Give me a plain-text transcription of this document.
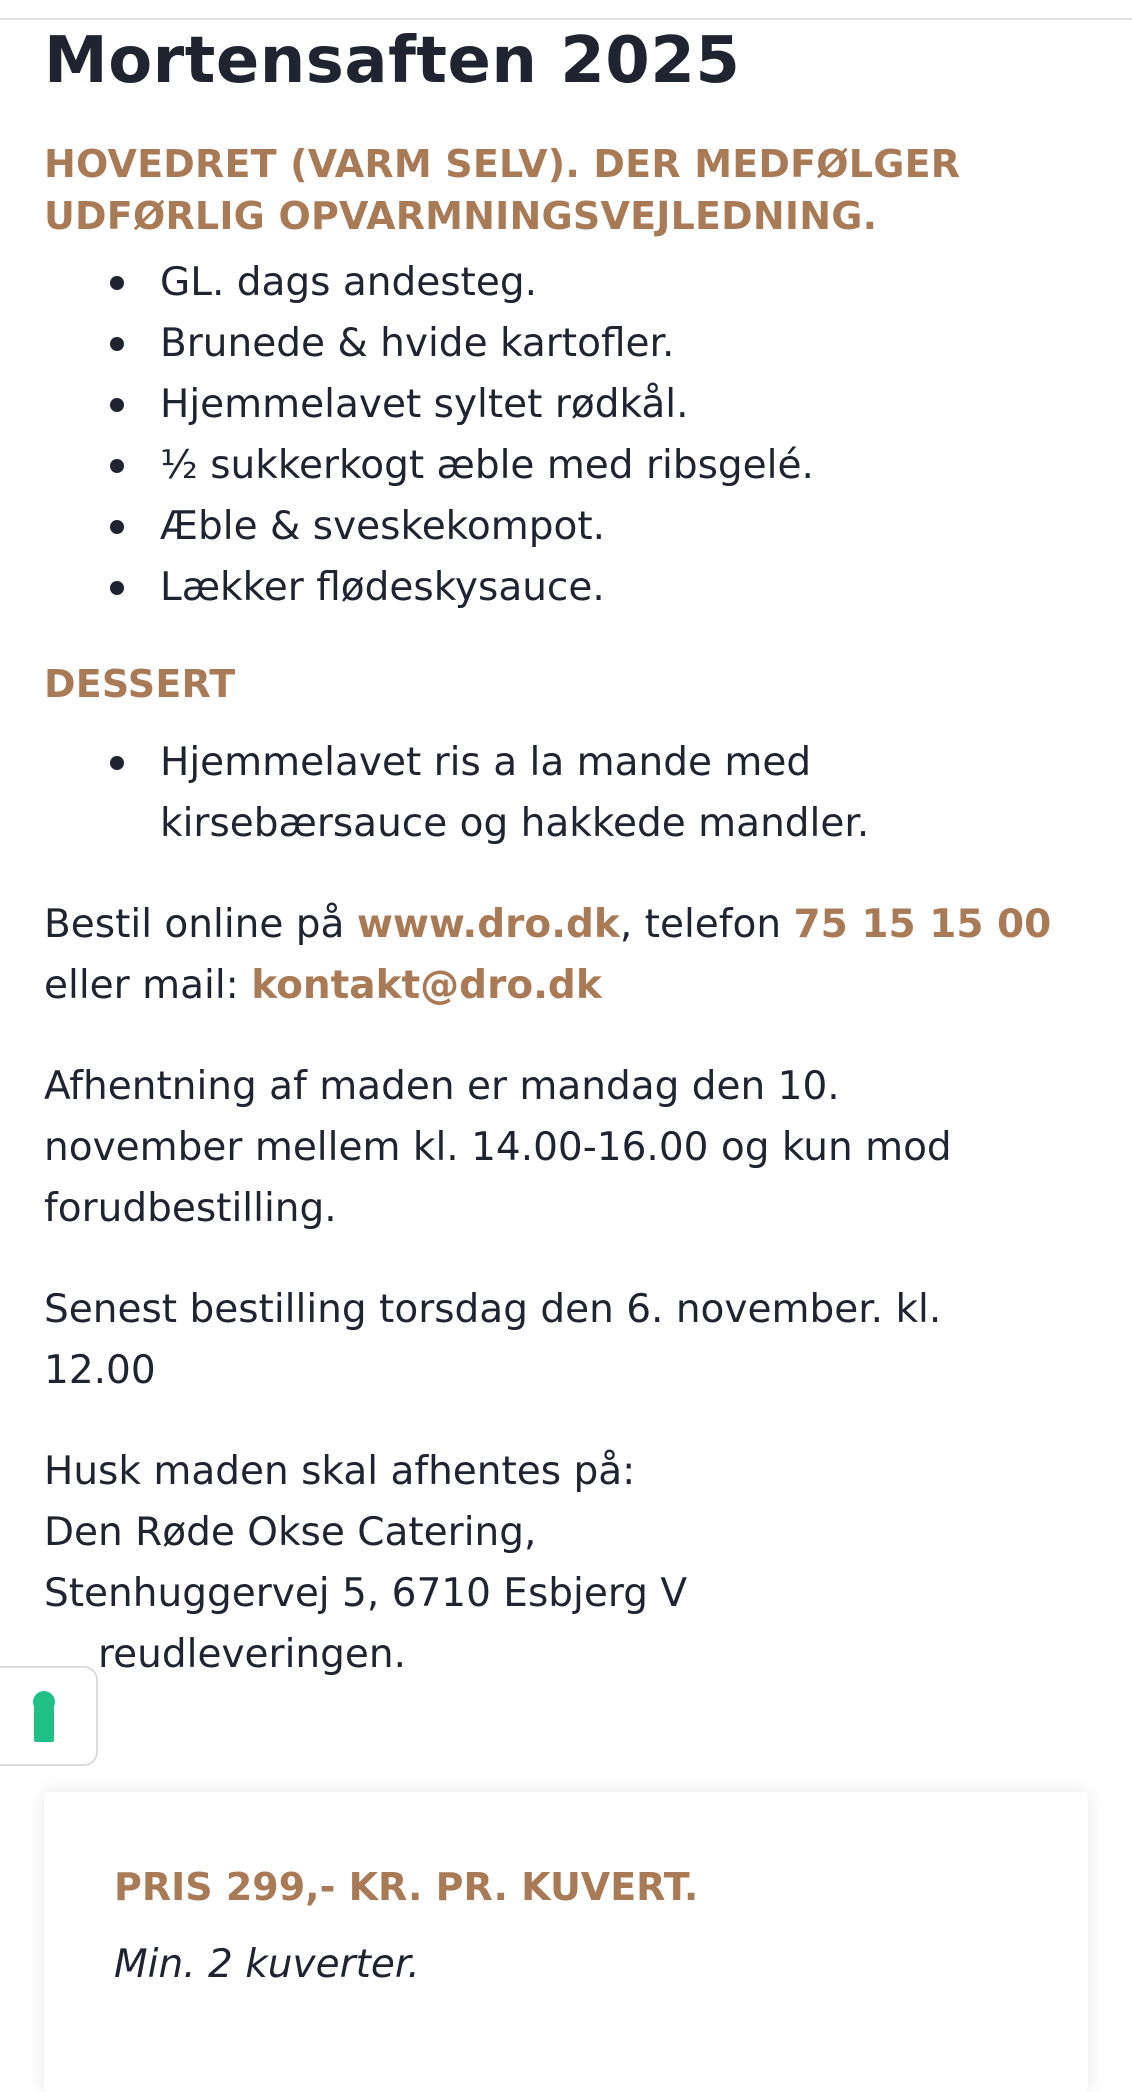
Mortensaften 2025
HOVEDRET (VARM SELV). DER MEDFØLGER
UDFØRLIG OPVARMNINGSVEJLEDNING.
GL. dags andesteg.
Brunede & hvide kartofler.
Hjemmelavet syltet rødkål.
½ sukkerkogt æble med ribsgelé.
Æble & sveskekompot.
Lækker flødeskysauce.
DESSERT
Hjemmelavet ris a la mande med
kirsebærsauce og hakkede mandler.

Bestil online på www.dro.dk, telefon 75 15 15 00
eller mail: kontakt@dro.dk

Afhentning af maden er mandag den 10.
november mellem kl. 14.00-16.00 og kun mod
forudbestilling.

Senest bestilling torsdag den 6. november. kl.
12.00

Husk maden skal afhentes på:
Den Røde Okse Catering,
Stenhuggervej 5, 6710 Esbjerg V
reudleveringen.

PRIS 299,- KR. PR. KUVERT.
Min. 2 kuverter.
